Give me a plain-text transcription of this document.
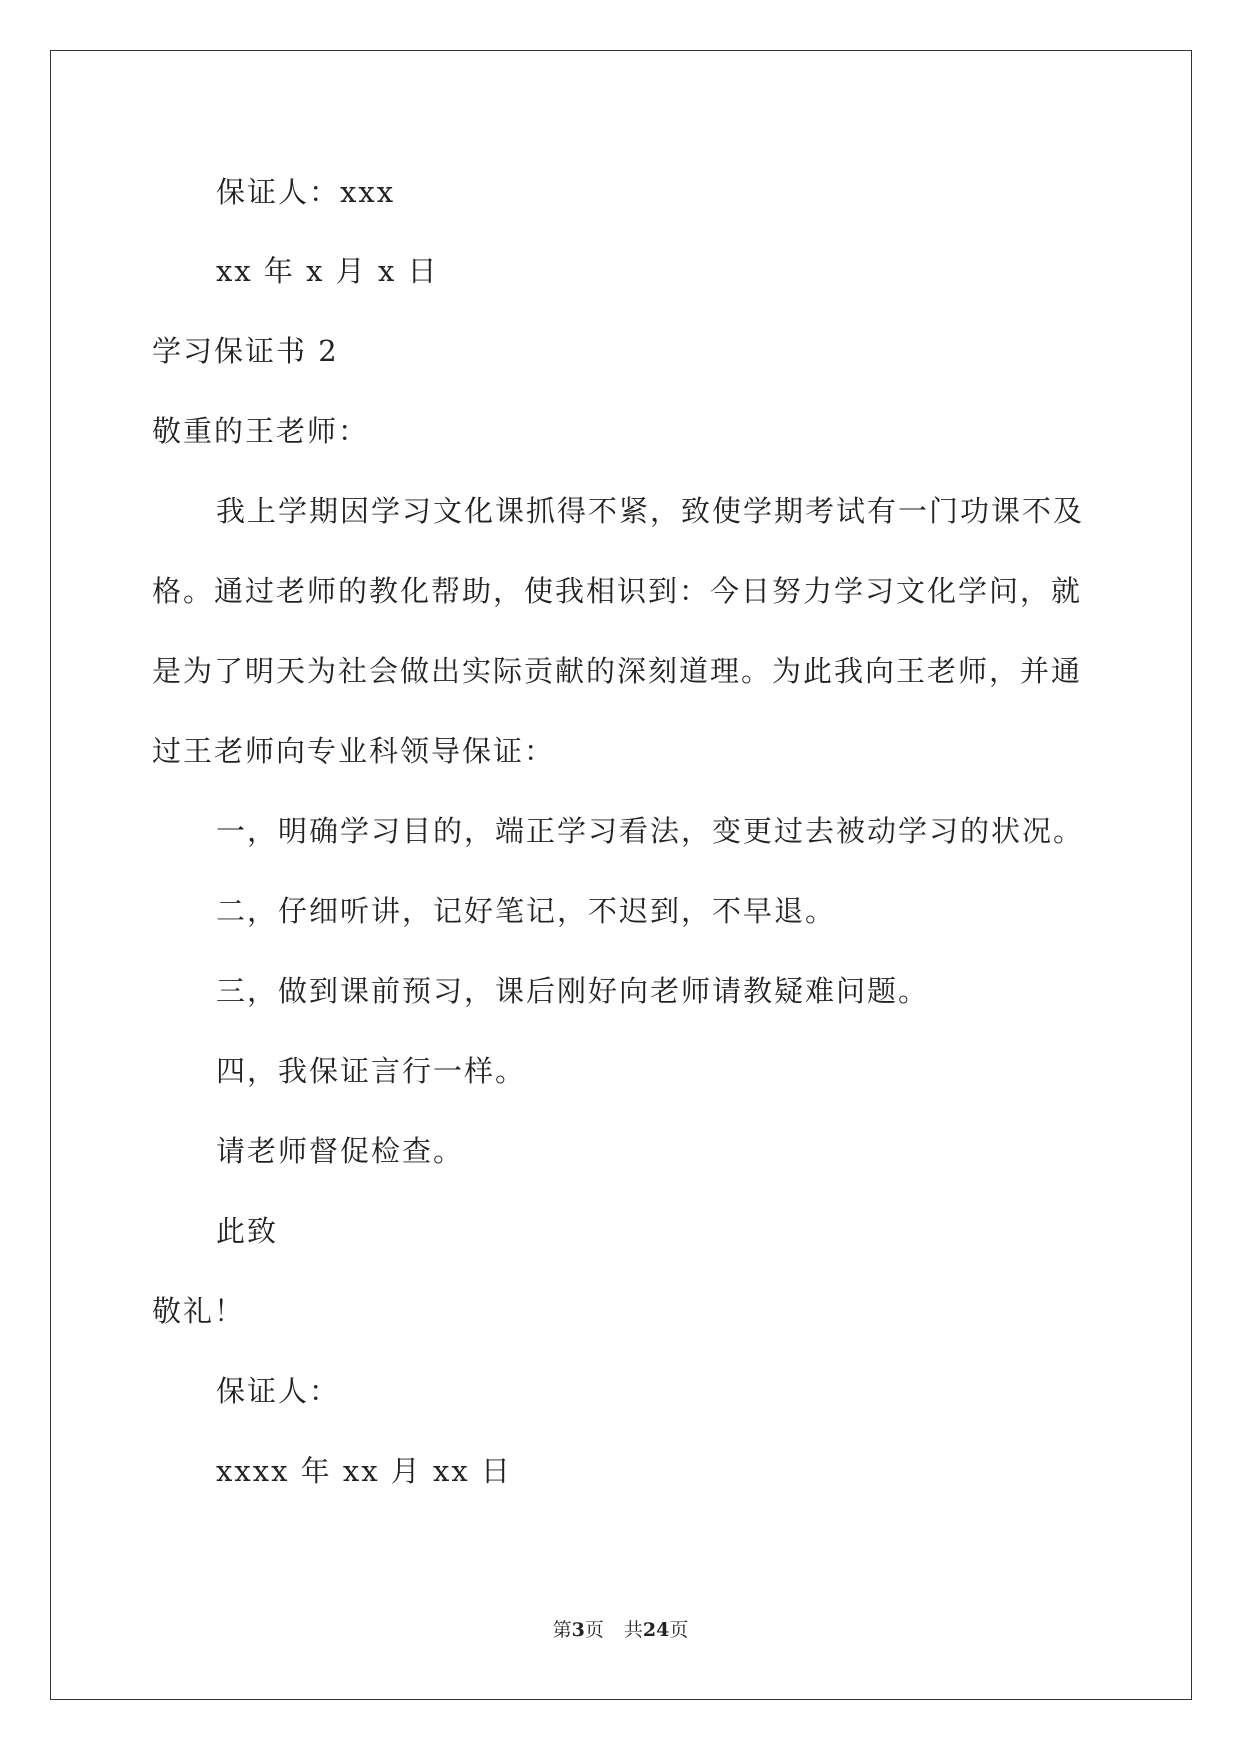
保证人：xxx
xx 年 x 月 x 日
学习保证书 2
敬重的王老师：
我上学期因学习文化课抓得不紧，致使学期考试有一门功课不及
格。通过老师的教化帮助，使我相识到：今日努力学习文化学问，就
是为了明天为社会做出实际贡献的深刻道理。为此我向王老师，并通
过王老师向专业科领导保证：
一，明确学习目的，端正学习看法，变更过去被动学习的状况。
二，仔细听讲，记好笔记，不迟到，不早退。
三，做到课前预习，课后刚好向老师请教疑难问题。
四，我保证言行一样。
请老师督促检查。
此致
敬礼！
保证人：
xxxx 年 xx 月 xx 日
第3页 共24页
